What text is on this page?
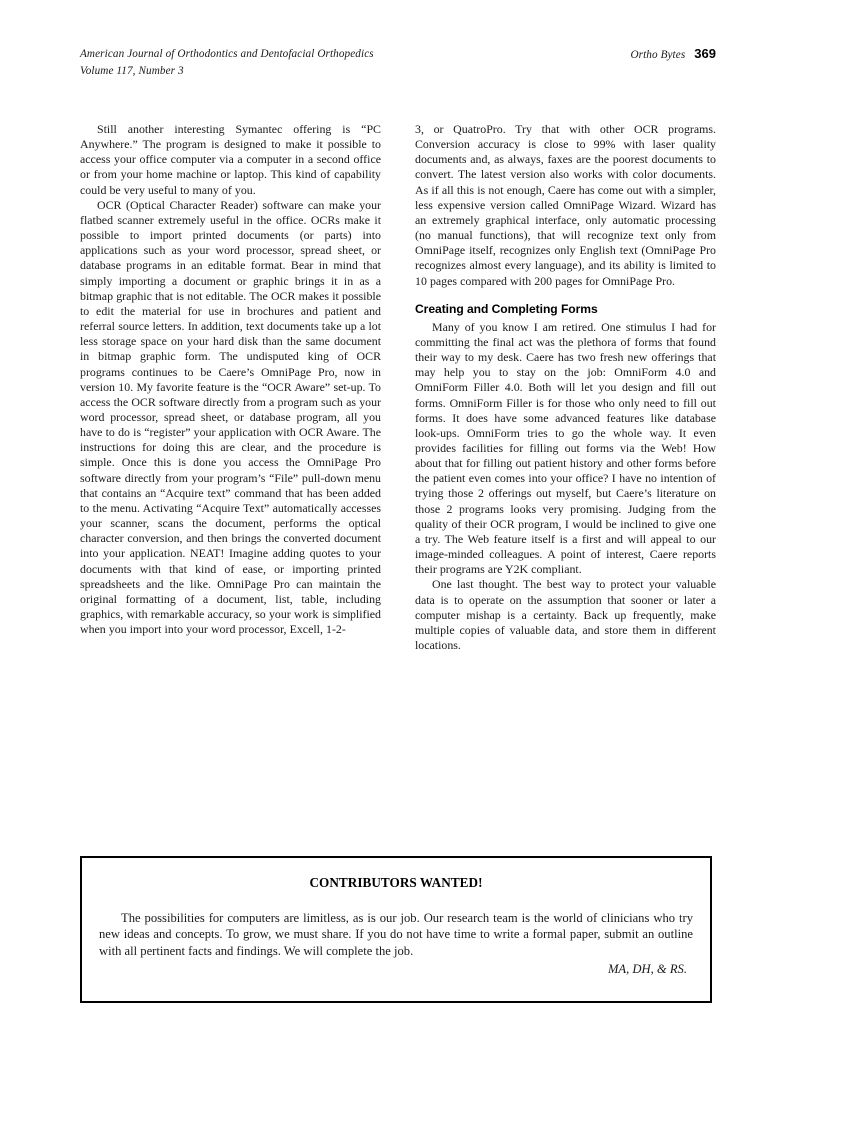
American Journal of Orthodontics and Dentofacial Orthopedics
Volume 117, Number 3
Ortho Bytes 369

Still another interesting Symantec offering is “PC Anywhere.” The program is designed to make it possible to access your office computer via a computer in a second office or from your home machine or laptop. This kind of capability could be very useful to many of you.

OCR (Optical Character Reader) software can make your flatbed scanner extremely useful in the office. OCRs make it possible to import printed documents (or parts) into applications such as your word processor, spread sheet, or database programs in an editable format. Bear in mind that simply importing a document or graphic brings it in as a bitmap graphic that is not editable. The OCR makes it possible to edit the material for use in brochures and patient and referral source letters. In addition, text documents take up a lot less storage space on your hard disk than the same document in bitmap graphic form. The undisputed king of OCR programs continues to be Caere’s OmniPage Pro, now in version 10. My favorite feature is the “OCR Aware” set-up. To access the OCR software directly from a program such as your word processor, spread sheet, or database program, all you have to do is “register” your application with OCR Aware. The instructions for doing this are clear, and the procedure is simple. Once this is done you access the OmniPage Pro software directly from your program’s “File” pull-down menu that contains an “Acquire text” command that has been added to the menu. Activating “Acquire Text” automatically accesses your scanner, scans the document, performs the optical character conversion, and then brings the converted document into your application. NEAT! Imagine adding quotes to your documents with that kind of ease, or importing printed spreadsheets and the like. OmniPage Pro can maintain the original formatting of a document, list, table, including graphics, with remarkable accuracy, so your work is simplified when you import into your word processor, Excell, 1-2-

3, or QuatroPro. Try that with other OCR programs. Conversion accuracy is close to 99% with laser quality documents and, as always, faxes are the poorest documents to convert. The latest version also works with color documents. As if all this is not enough, Caere has come out with a simpler, less expensive version called OmniPage Wizard. Wizard has an extremely graphical interface, only automatic processing (no manual functions), that will recognize text only from OmniPage itself, recognizes only English text (OmniPage Pro recognizes almost every language), and its ability is limited to 10 pages compared with 200 pages for OmniPage Pro.

Creating and Completing Forms

Many of you know I am retired. One stimulus I had for committing the final act was the plethora of forms that found their way to my desk. Caere has two fresh new offerings that may help you to stay on the job: OmniForm 4.0 and OmniForm Filler 4.0. Both will let you design and fill out forms. OmniForm Filler is for those who only need to fill out forms. It does have some advanced features like database look-ups. OmniForm tries to go the whole way. It even provides facilities for filling out forms via the Web! How about that for filling out patient history and other forms before the patient even comes into your office? I have no intention of trying those 2 offerings out myself, but Caere’s literature on those 2 programs looks very promising. Judging from the quality of their OCR program, I would be inclined to give one a try. The Web feature itself is a first and will appeal to our image-minded colleagues. A point of interest, Caere reports their programs are Y2K compliant.

One last thought. The best way to protect your valuable data is to operate on the assumption that sooner or later a computer mishap is a certainty. Back up frequently, make multiple copies of valuable data, and store them in different locations.

CONTRIBUTORS WANTED!

The possibilities for computers are limitless, as is our job. Our research team is the world of clinicians who try new ideas and concepts. To grow, we must share. If you do not have time to write a formal paper, submit an outline with all pertinent facts and findings. We will complete the job.

MA, DH, & RS.
